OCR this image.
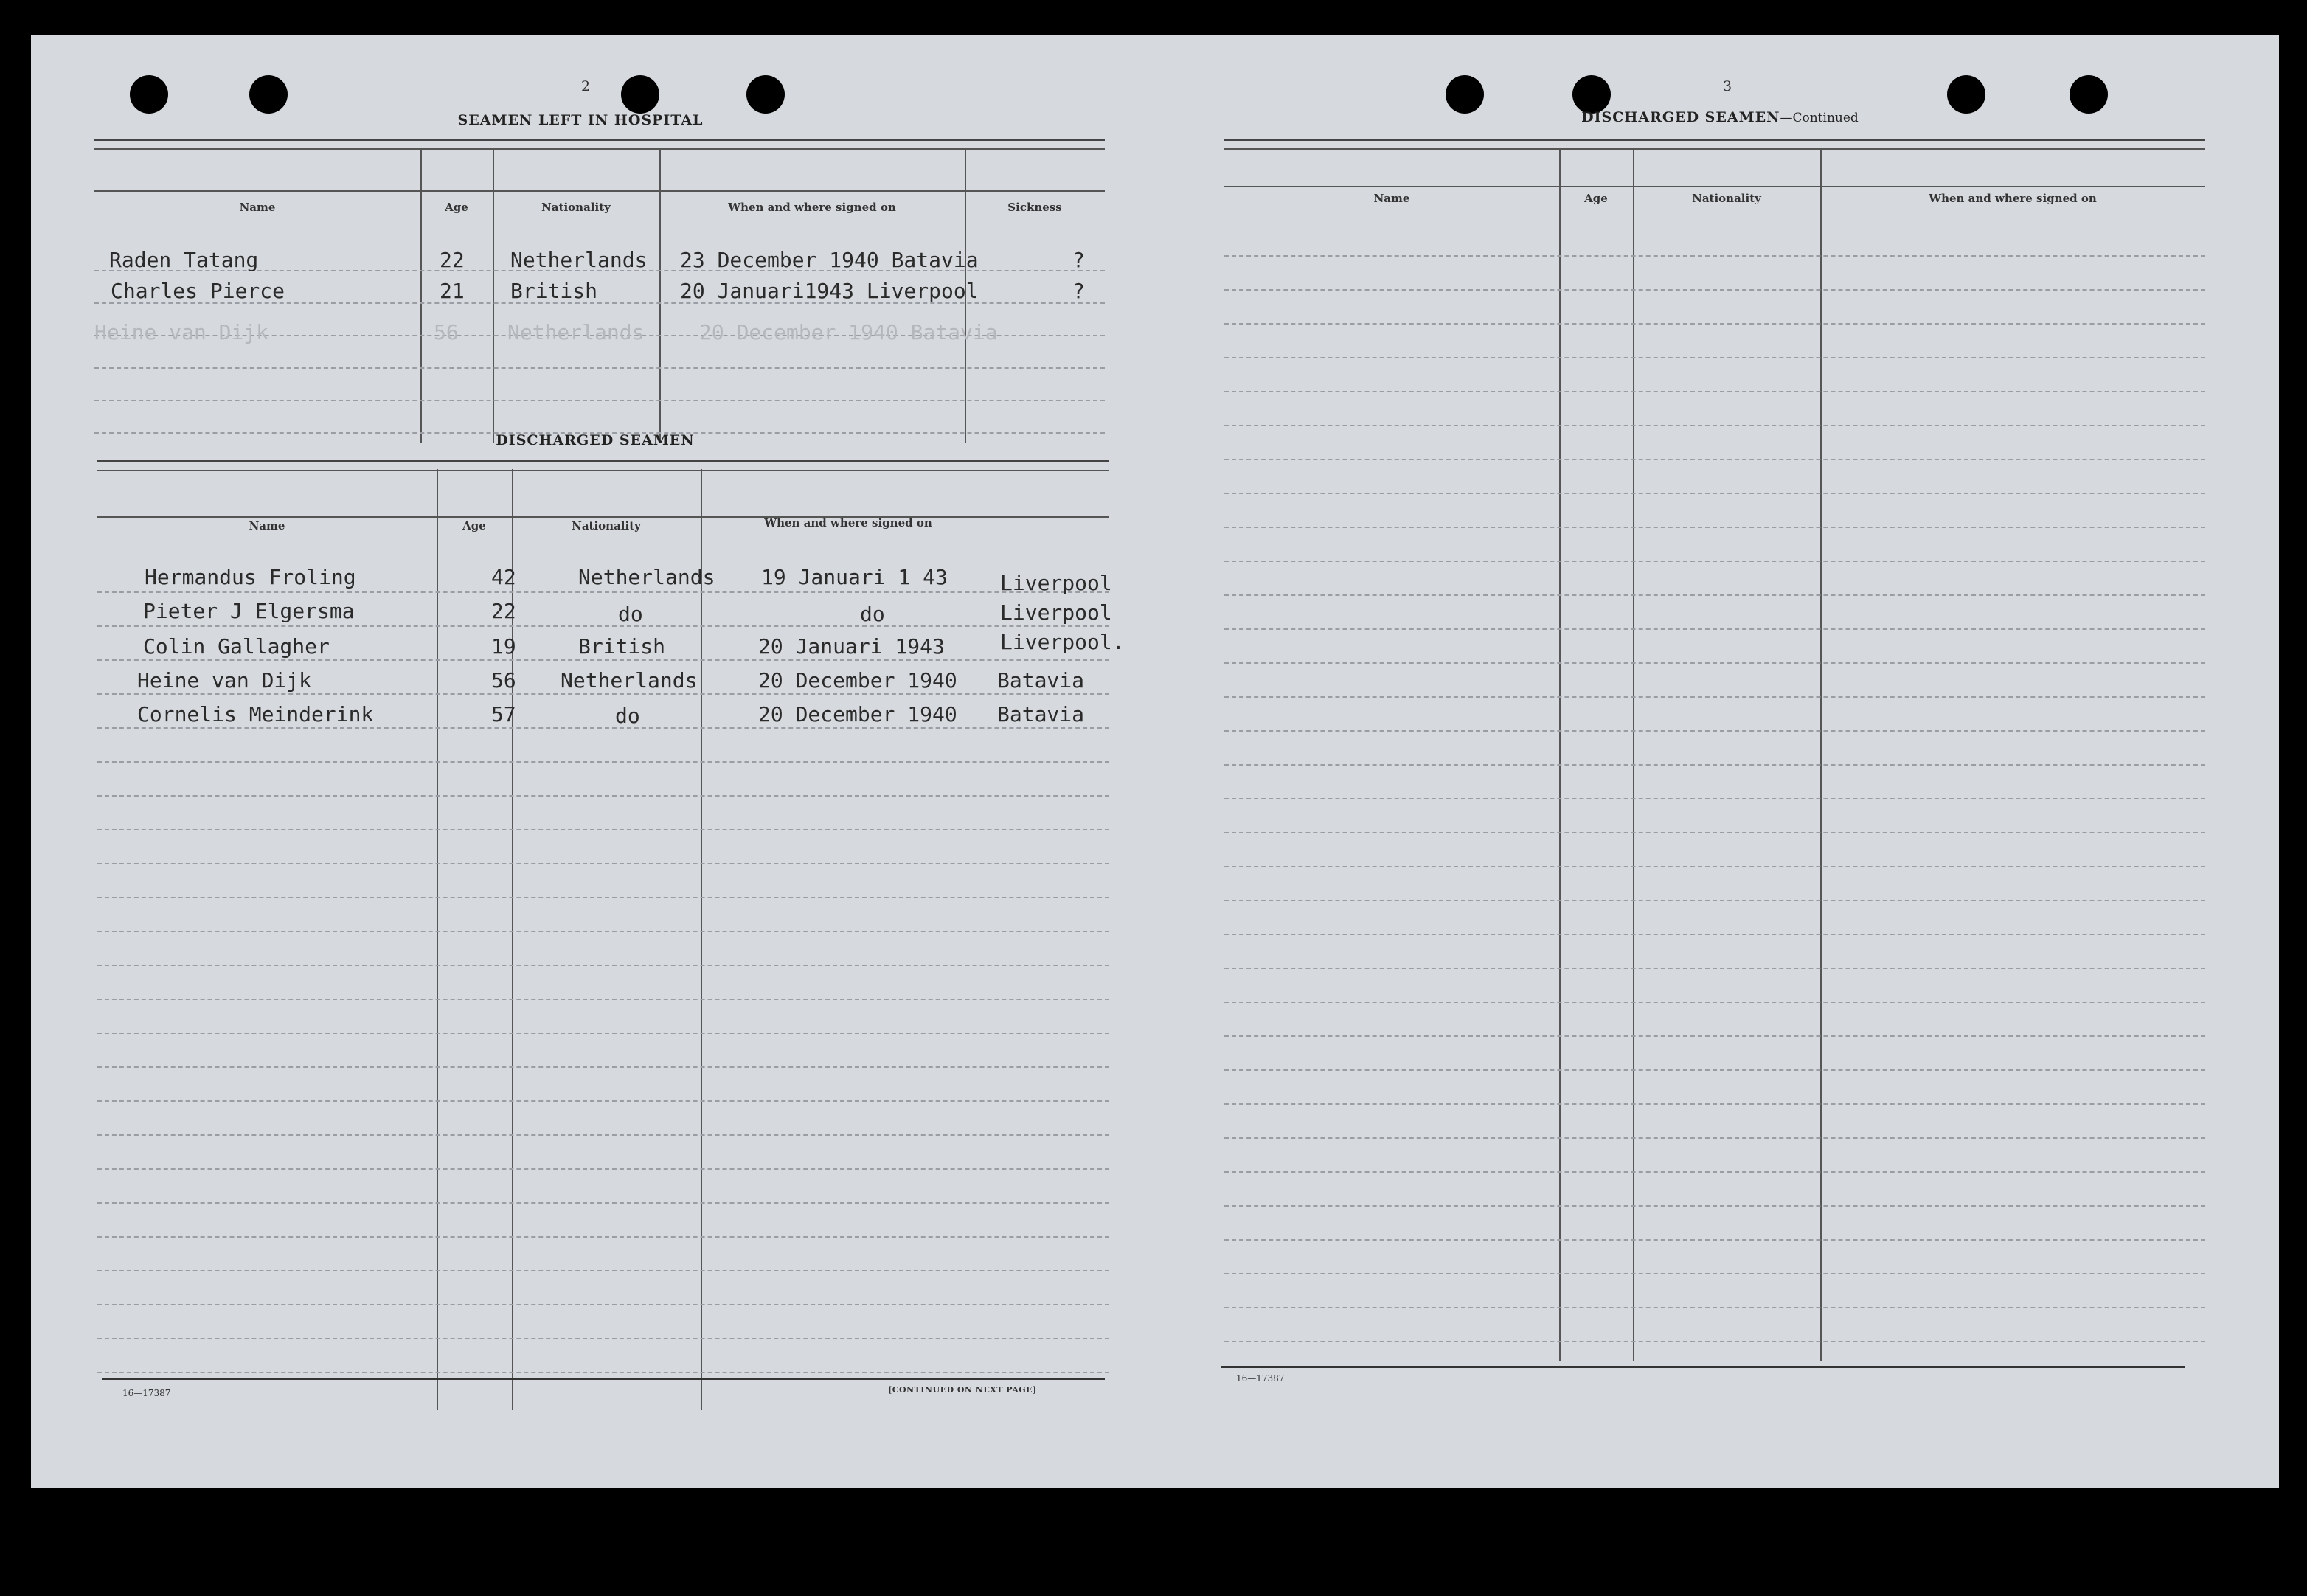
2
SEAMEN LEFT IN HOSPITAL
Name	Age	Nationality	When and where signed on	Sickness
Raden Tatang	22 Netherlands 23 December 1940 Batavia	?
Charles Pierce	21 British	20 Januari1943 Liverpool	?
Heine van Dijk	56 Netherlands	20 December 1940 Batavia
DISCHARGED SEAMEN
Name	Age	Nationality	When and where signed on
Hermandus Froling	42	Netherlands 19 Januari 1 43	Liverpool
Pieter J Elgersma	22	do	do	Liverpool
Colin Gallagher	19	British	20 Januari 1943	Liverpool.
Heine van Dijk	56 Netherlands	20 December 1940 Batavia
Cornelis Meinderink	57	do	20 December 1940 Batavia
16—17387	[CONTINUED ON NEXT PAGE]
3
DISCHARGED SEAMEN—Continued
Name	Age	Nationality	When and where signed on
16—17387
